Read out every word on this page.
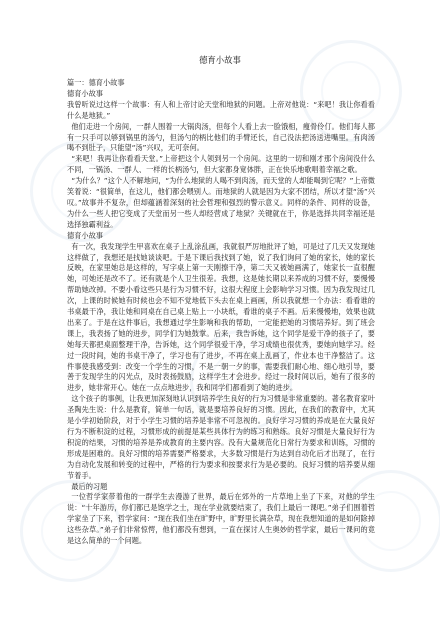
德育小故事

篇一：德育小故事

德育小故事

我曾听说过这样一个故事：有人和上帝讨论天堂和地狱的问题。上帝对他说：“来吧！我让你看看什么是地狱。”

他们走进一个房间，一群人围着一大锅肉汤，但每个人看上去一脸饿相，瘦骨伶仃。他们每人都有一只手可以够到锅里的汤勺，但汤勺的柄比他们的手臂还长，自己没法把汤送进嘴里。有肉汤喝不到肚子，只能望“汤”兴叹，无可奈何。

“来吧！我再让你看看天堂。”上帝把这个人领到另一个房间。这里的一切和刚才那个房间没什么不同，一锅汤、一群人、一样的长柄汤勺，但大家都身宽体胖，正在快乐地歌唱着幸福之歌。

“为什么？”这个人不解地问，“为什么地狱的人喝不到肉汤，而天堂的人却能喝到它呢？”上帝微笑着说：“很简单，在这儿，他们都会喂别人。而地狱的人就是因为大家不团结，所以才望“汤”兴叹。”故事并不复杂，但却蕴涵着深刻的社会哲理和强烈的警示意义。同样的条件、同样的设备，为什么一些人把它变成了天堂而另一些人却经营成了地狱？关键就在于，你是选择共同幸福还是选择独霸利益。

德育小故事

有一次，我发现学生甲喜欢在桌子上乱涂乱画，我就很严厉地批评了她，可是过了几天又发现她这样做了，我想还是找她谈谈吧。于是下课后我找到了她，说了我们询问了她的家长，她的家长反映，在家里她总是这样的，写字桌上第一天刚擦干净，第二天又被她画满了，她家长一直很醒她，可她还是改不了。还有就是个人卫生很差。我想，这是她长期以来养成的习惯不好，要慢慢帮助她改掉。不要小看这些只是行为习惯不好，这很大程度上会影响学习习惯。因为我发现过几次，上课的时候她有时候也会不知不觉地低下头去在桌上画画，所以我就想一个办法：看看谁的书桌最干净，我让她和同桌在自己桌上贴上一小块纸，看谁的桌子不画。后来慢慢地，效果也就出来了。于是在这件事后，我想通过学生影响和我的帮助，一定能把她的习惯培养好。到了班会课上，我表扬了她的进步，同学们为她鼓掌。后来，我告诉她，这个同学是爱干净的孩子了，要她每天都把桌面整理干净，告诉她，这个同学很爱干净，学习成绩也很优秀，要她向她学习。经过一段时间，她的书桌干净了，学习也有了进步，不再在桌上乱画了，作业本也干净整洁了。这件事使我感受到：改变一个学生的习惯，不是一朝一夕的事，需要我们耐心地、细心地引导，要善于发现学生的闪光点，及时表扬鼓励，这样学生才会进步。经过一段时间以后，她有了很多的进步，她非常开心。她在一点点地进步，我和同学们都看到了她的进步。

这个孩子的事例，让我更加深刻地认识到培养学生良好的行为习惯是非常重要的。著名教育家叶圣陶先生说：什么是教育，简单一句话，就是要培养良好的习惯。因此，在我们的教育中，尤其是小学初始阶段，对于小学生习惯的培养是非常不可忽视的。良好学习习惯的养成是在大量良好行为不断积淀的过程，习惯形成的前提是某些具体行为的练习和熟练。良好习惯是大量良好行为积淀的结果，习惯的培养是养成教育的主要内容。没有大量规范化日常行为要求和训练，习惯的形成是困难的。良好习惯的培养需要严格要求，大多数习惯是行为达到自动化后才出现了，在行为自动化发展和转变的过程中，严格的行为要求和按要求行为是必要的。良好习惯的培养要从细节着手。

最后的习题

一位哲学家带着他的一群学生去漫游了世界，最后在郊外的一片草地上坐了下来，对他的学生说：“十年游历，你们都已是饱学之士，现在学业就要结束了，我们上最后一课吧。”弟子们围着哲学家坐了下来，哲学家问：“现在我们坐在旷野中，旷野里长满杂草，现在我想知道的是如何除掉这些杂草。”弟子们非常惊愕，他们都没有想到，一直在探讨人生奥妙的哲学家，最后一课问的竟是这么简单的一个问题。
